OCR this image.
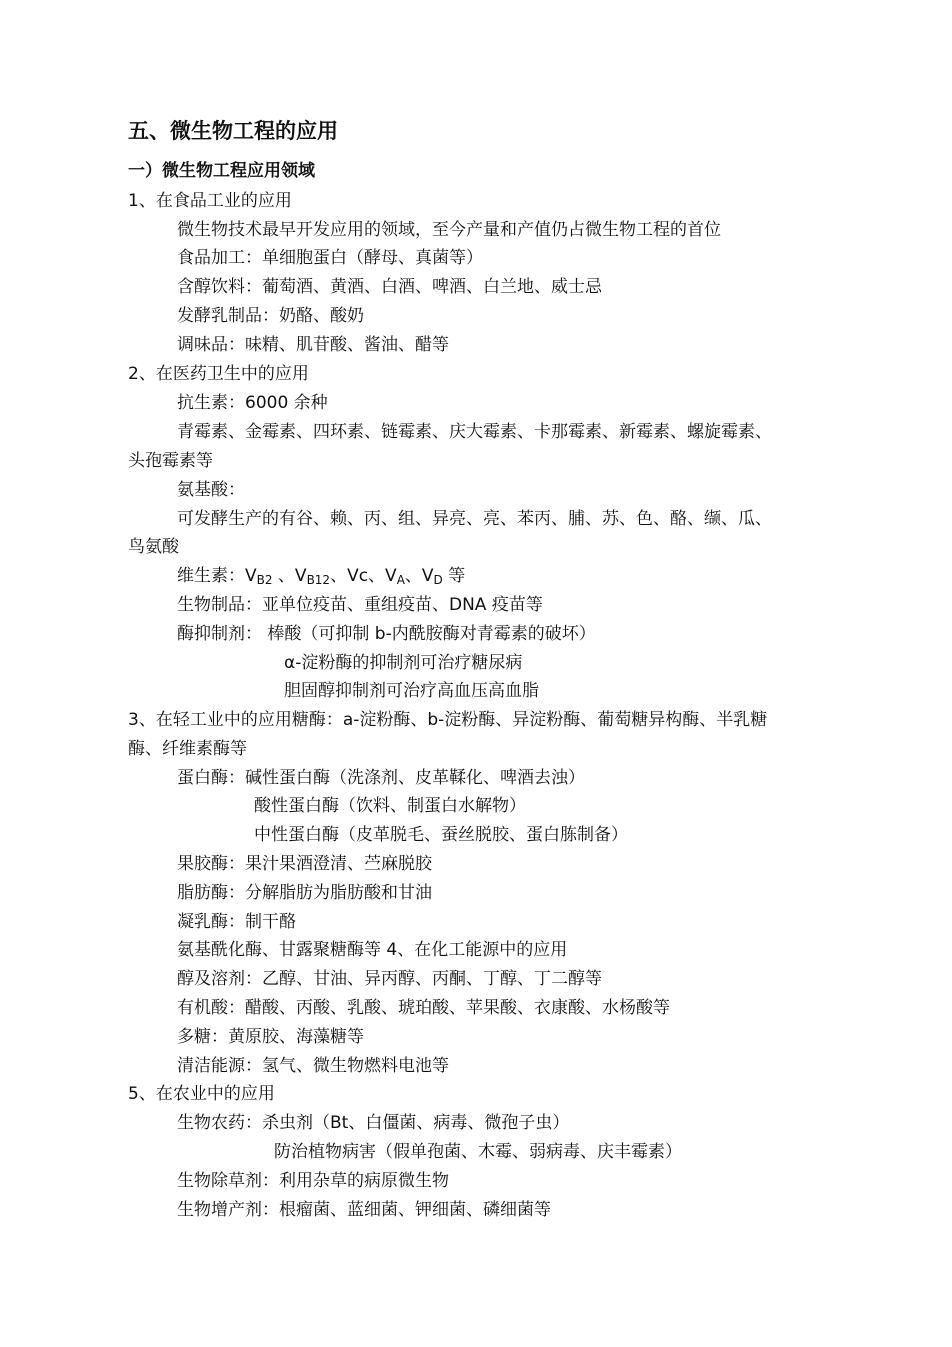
五、微生物工程的应用
一）微生物工程应用领域
1、在食品工业的应用
微生物技术最早开发应用的领域，至今产量和产值仍占微生物工程的首位
食品加工：单细胞蛋白（酵母、真菌等）
含醇饮料：葡萄酒、黄酒、白酒、啤酒、白兰地、威士忌
发酵乳制品：奶酪、酸奶
调味品：味精、肌苷酸、酱油、醋等
2、在医药卫生中的应用
抗生素：6000 余种
青霉素、金霉素、四环素、链霉素、庆大霉素、卡那霉素、新霉素、螺旋霉素、
头孢霉素等
氨基酸：
可发酵生产的有谷、赖、丙、组、异亮、亮、苯丙、脯、苏、色、酪、缬、瓜、
鸟氨酸
维生素：$V_{B2}$ 、$V_{B12}$、Vc、$V_A$、$V_D$ 等
生物制品：亚单位疫苗、重组疫苗、DNA 疫苗等
酶抑制剂： 棒酸（可抑制 b-内酰胺酶对青霉素的破坏）
α-淀粉酶的抑制剂可治疗糖尿病
胆固醇抑制剂可治疗高血压高血脂
3、在轻工业中的应用糖酶：a-淀粉酶、b-淀粉酶、异淀粉酶、葡萄糖异构酶、半乳糖
酶、纤维素酶等
蛋白酶：碱性蛋白酶（洗涤剂、皮革鞣化、啤酒去浊）
酸性蛋白酶（饮料、制蛋白水解物）
中性蛋白酶（皮革脱毛、蚕丝脱胶、蛋白胨制备）
果胶酶：果汁果酒澄清、苎麻脱胶
脂肪酶：分解脂肪为脂肪酸和甘油
凝乳酶：制干酪
氨基酰化酶、甘露聚糖酶等 4、在化工能源中的应用
醇及溶剂：乙醇、甘油、异丙醇、丙酮、丁醇、丁二醇等
有机酸：醋酸、丙酸、乳酸、琥珀酸、苹果酸、衣康酸、水杨酸等
多糖：黄原胶、海藻糖等
清洁能源：氢气、微生物燃料电池等
5、在农业中的应用
生物农药：杀虫剂（Bt、白僵菌、病毒、微孢子虫）
防治植物病害（假单孢菌、木霉、弱病毒、庆丰霉素）
生物除草剂：利用杂草的病原微生物
生物增产剂：根瘤菌、蓝细菌、钾细菌、磷细菌等
